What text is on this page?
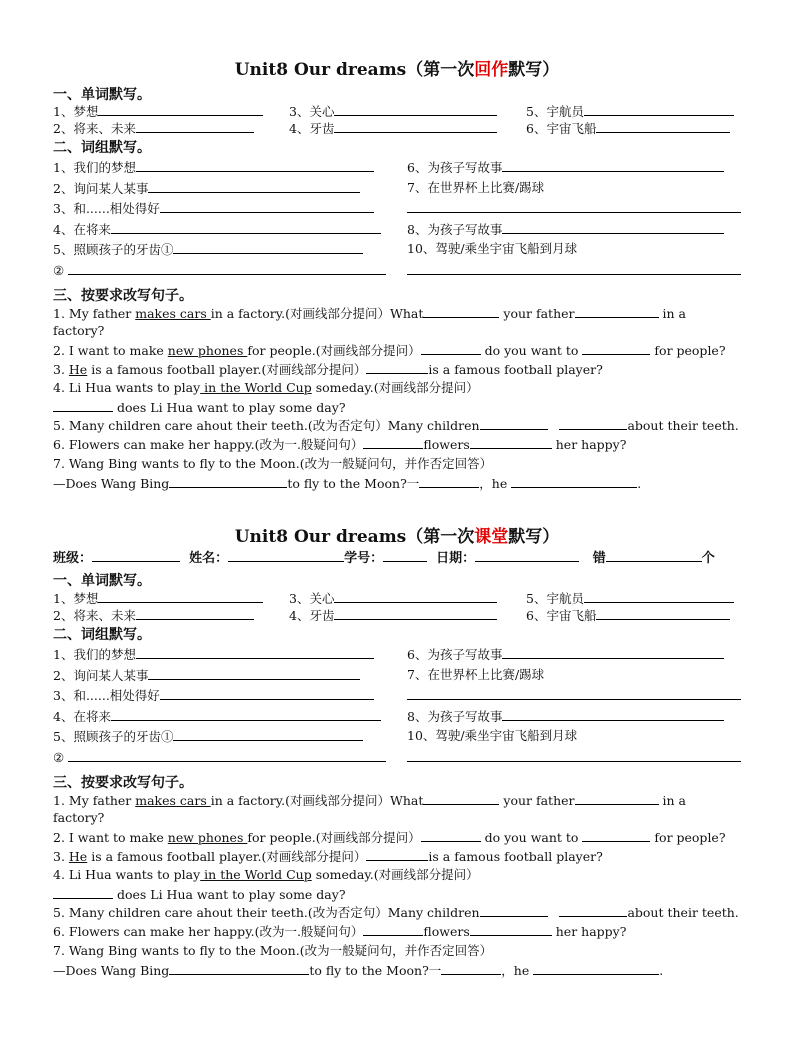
Unit8 Our dreams（第一次回作默写）
一、单词默写。
1、梦想	3、关心	5、宇航员
2、将来、未来	4、牙齿	6、宇宙飞船
二、词组默写。
1、我们的梦想	6、为孩子写故事
2、询问某人某事	7、在世界杯上比赛/踢球
3、和......相处得好
4、在将来	8、为孩子写故事
5、照顾孩子的牙齿①	10、驾驶/乘坐宇宙飞船到月球
②
三、按要求改写句子。
1. My father makes cars in a factory.(对画线部分提问）What	your father	in a
factory?
2. I want to make new phones for people.(对画线部分提问）	do you want to	for people?
3. He is a famous football player.(对画线部分提问）	is a famous football player?
4. Li Hua wants to play in the World Cup someday.(对画线部分提问）
does Li Hua want to play some day?
5. Many children care ahout their teeth.(改为否定句）Many children	about their teeth.
6. Flowers can make her happy.(改为一.般疑问句）	flowers	her happy?
7. Wang Bing wants to fly to the Moon.(改为一般疑问句，并作否定回答）
—Does Wang Bing	to fly to the Moon?一	，he	.
Unit8 Our dreams（第一次课堂默写）
班级：	姓名：	学号：	日期：	错	个
一、单词默写。
1、梦想	3、关心	5、宇航员
2、将来、未来	4、牙齿	6、宇宙飞船
二、词组默写。
1、我们的梦想	6、为孩子写故事
2、询问某人某事	7、在世界杯上比赛/踢球
3、和......相处得好
4、在将来	8、为孩子写故事
5、照顾孩子的牙齿①	10、驾驶/乘坐宇宙飞船到月球
②
三、按要求改写句子。
1. My father makes cars in a factory.(对画线部分提问）What	your father	in a
factory?
2. I want to make new phones for people.(对画线部分提问）	do you want to	for people?
3. He is a famous football player.(对画线部分提问）	is a famous football player?
4. Li Hua wants to play in the World Cup someday.(对画线部分提问）
does Li Hua want to play some day?
5. Many children care ahout their teeth.(改为否定句）Many children	about their teeth.
6. Flowers can make her happy.(改为一.般疑问句）	flowers	her happy?
7. Wang Bing wants to fly to the Moon.(改为一般疑问句，并作否定回答）
—Does Wang Bing	to fly to the Moon?一	，he	.
